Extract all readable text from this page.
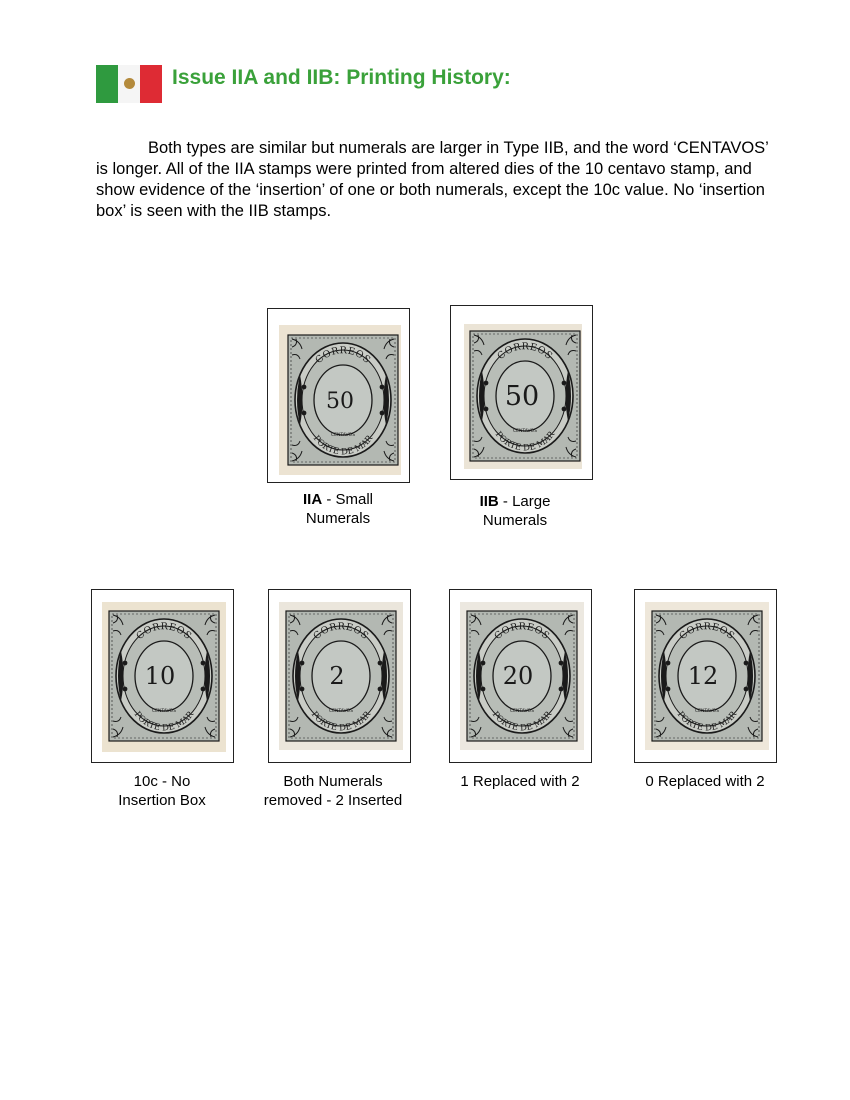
Issue IIA and IIB: Printing History:

Both types are similar but numerals are larger in Type IIB, and the word ‘CENTAVOS’ is longer. All of the IIA stamps were printed from altered dies of the 10 centavo stamp, and show evidence of the ‘insertion’ of one or both numerals, except the 10c value. No ‘insertion box’ is seen with the IIB stamps.

50	50
IIA - Small
Numerals
IIB - Large
Numerals
10	2	20	12
10c - No
Insertion Box
Both Numerals
removed - 2 Inserted
1 Replaced with 2	0 Replaced with 2
